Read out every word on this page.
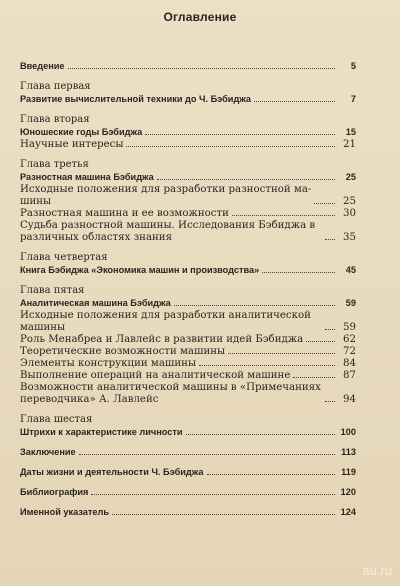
Оглавление
Введение	5
Глава первая
Развитие вычислительной техники до Ч. Бэбиджа	7
Глава вторая
Юношеские годы Бэбиджа	15
Научные интересы	21
Глава третья
Разностная машина Бэбиджа	25
Исходные положения для разработки разностной ма-
шины	25
Разностная машина и ее возможности	30
Судьба разностной машины. Исследования Бэбиджа в различных областях знания	35
Глава четвертая
Книга Бэбиджа «Экономика машин и производства»	45
Глава пятая
Аналитическая машина Бэбиджа	59
Исходные положения для разработки аналитической машины	59
Роль Менабреа и Лавлейс в развитии идей Бэбиджа	62
Теоретические возможности машины	72
Элементы конструкции машины	84
Выполнение операций на аналитической машине	87
Возможности аналитической машины в «Примечаниях переводчика» А. Лавлейс	94
Глава шестая
Штрихи к характеристике личности	100
Заключение	113
Даты жизни и деятельности Ч. Бэбиджа	119
Библиография	120
Именной указатель	124
au.ru
